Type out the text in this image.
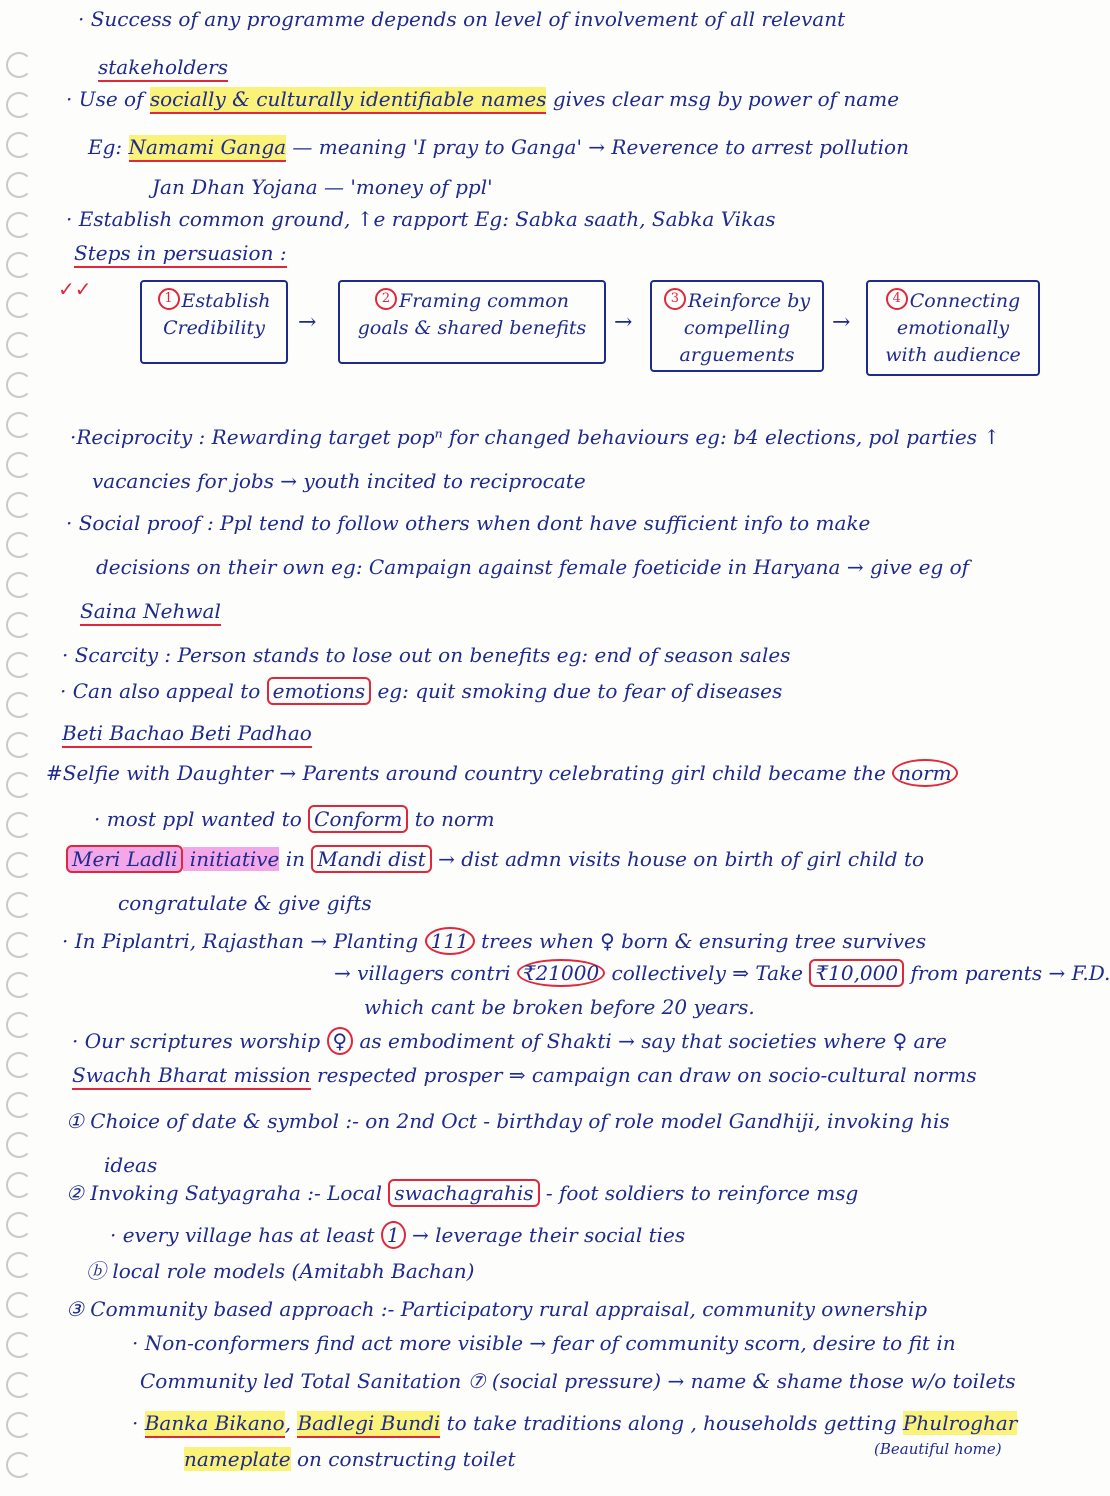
· Success of any programme depends on level of involvement of all relevant
stakeholders
· Use of socially & culturally identifiable names gives clear msg by power of name
Eg: Namami Ganga — meaning 'I pray to Ganga' → Reverence to arrest pollution
Jan Dhan Yojana — 'money of ppl'
· Establish common ground, ↑e rapport Eg: Sabka saath, Sabka Vikas
Steps in persuasion :
✓✓	1 Establish Credibility	→
2 Framing common goals & shared benefits	→
3 Reinforce by compelling arguements
→
4 Connecting emotionally with audience
·Reciprocity : Rewarding target popⁿ for changed behaviours eg: b4 elections, pol parties ↑
vacancies for jobs → youth incited to reciprocate
· Social proof : Ppl tend to follow others when dont have sufficient info to make
decisions on their own eg: Campaign against female foeticide in Haryana → give eg of
Saina Nehwal
· Scarcity : Person stands to lose out on benefits eg: end of season sales
· Can also appeal to emotions eg: quit smoking due to fear of diseases
Beti Bachao Beti Padhao
#Selfie with Daughter → Parents around country celebrating girl child became the norm
· most ppl wanted to Conform to norm
Meri Ladli initiative in Mandi dist → dist admn visits house on birth of girl child to
congratulate & give gifts
· In Piplantri, Rajasthan → Planting 111 trees when ♀ born & ensuring tree survives
→ villagers contri ₹21000 collectively ⇒ Take ₹10,000 from parents → F.D.
which cant be broken before 20 years.
· Our scriptures worship ♀ as embodiment of Shakti → say that societies where ♀ are
Swachh Bharat mission respected prosper ⇒ campaign can draw on socio-cultural norms
① Choice of date & symbol :- on 2nd Oct - birthday of role model Gandhiji, invoking his
ideas
② Invoking Satyagraha :- Local swachagrahis - foot soldiers to reinforce msg
· every village has at least 1 → leverage their social ties
ⓑ local role models (Amitabh Bachan)
③ Community based approach :- Participatory rural appraisal, community ownership
· Non-conformers find act more visible → fear of community scorn, desire to fit in
Community led Total Sanitation ⑦ (social pressure) → name & shame those w/o toilets
· Banka Bikano, Badlegi Bundi to take traditions along , households getting Phulroghar
nameplate on constructing toilet	(Beautiful home)
